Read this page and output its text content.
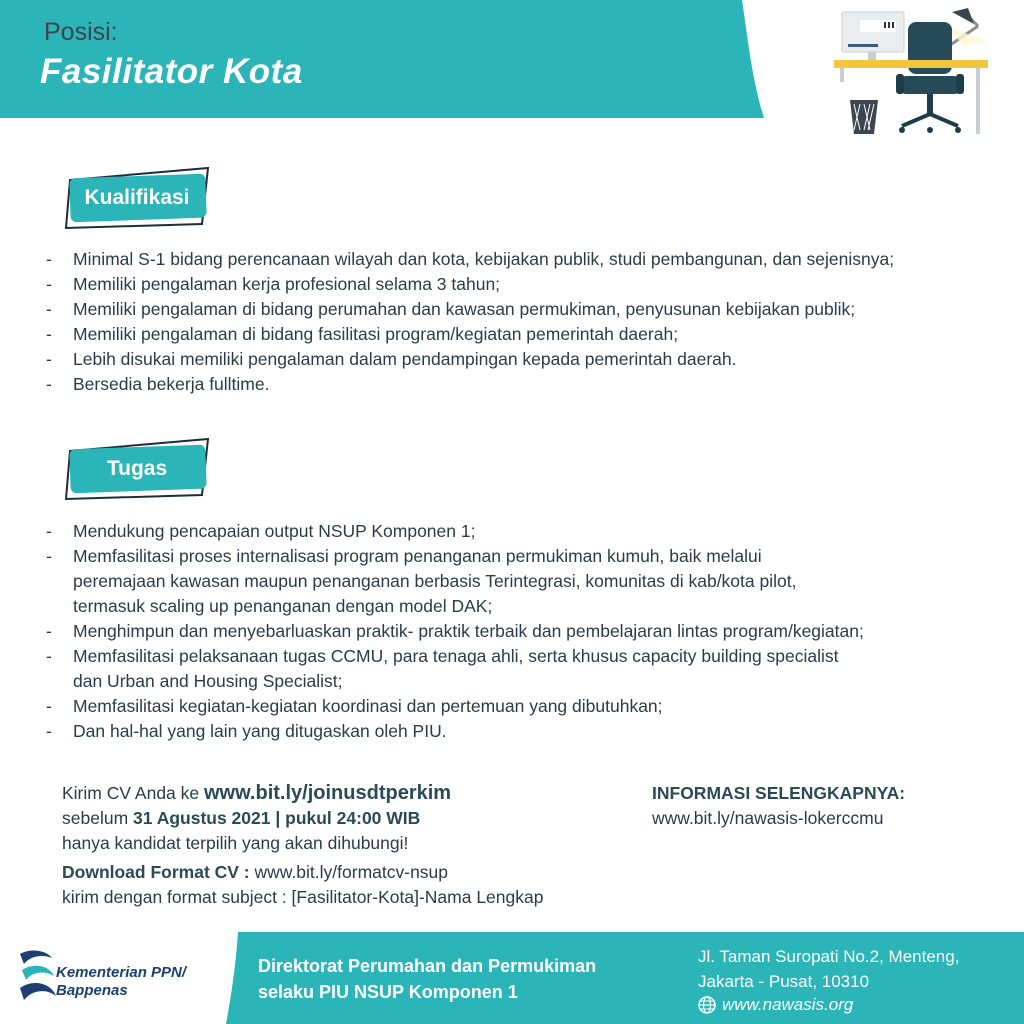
Posisi:
Fasilitator Kota
Kualifikasi
- Minimal S-1 bidang perencanaan wilayah dan kota, kebijakan publik, studi pembangunan, dan sejenisnya;
- Memiliki pengalaman kerja profesional selama 3 tahun;
- Memiliki pengalaman di bidang perumahan dan kawasan permukiman, penyusunan kebijakan publik;
- Memiliki pengalaman di bidang fasilitasi program/kegiatan pemerintah daerah;
- Lebih disukai memiliki pengalaman dalam pendampingan kepada pemerintah daerah.
- Bersedia bekerja fulltime.
Tugas
- Mendukung pencapaian output NSUP Komponen 1;
- Memfasilitasi proses internalisasi program penanganan permukiman kumuh, baik melalui
peremajaan kawasan maupun penanganan berbasis Terintegrasi, komunitas di kab/kota pilot,
termasuk scaling up penanganan dengan model DAK;
- Menghimpun dan menyebarluaskan praktik- praktik terbaik dan pembelajaran lintas program/kegiatan;
- Memfasilitasi pelaksanaan tugas CCMU, para tenaga ahli, serta khusus capacity building specialist
dan Urban and Housing Specialist;
- Memfasilitasi kegiatan-kegiatan koordinasi dan pertemuan yang dibutuhkan;
- Dan hal-hal yang lain yang ditugaskan oleh PIU.
Kirim CV Anda ke www.bit.ly/joinusdtperkim
sebelum 31 Agustus 2021 | pukul 24:00 WIB
hanya kandidat terpilih yang akan dihubungi!
Download Format CV : www.bit.ly/formatcv-nsup
kirim dengan format subject : [Fasilitator-Kota]-Nama Lengkap
INFORMASI SELENGKAPNYA:
www.bit.ly/nawasis-lokerccmu
Kementerian PPN/
Bappenas
Direktorat Perumahan dan Permukiman
selaku PIU NSUP Komponen 1
Jl. Taman Suropati No.2, Menteng,
Jakarta - Pusat, 10310
www.nawasis.org
